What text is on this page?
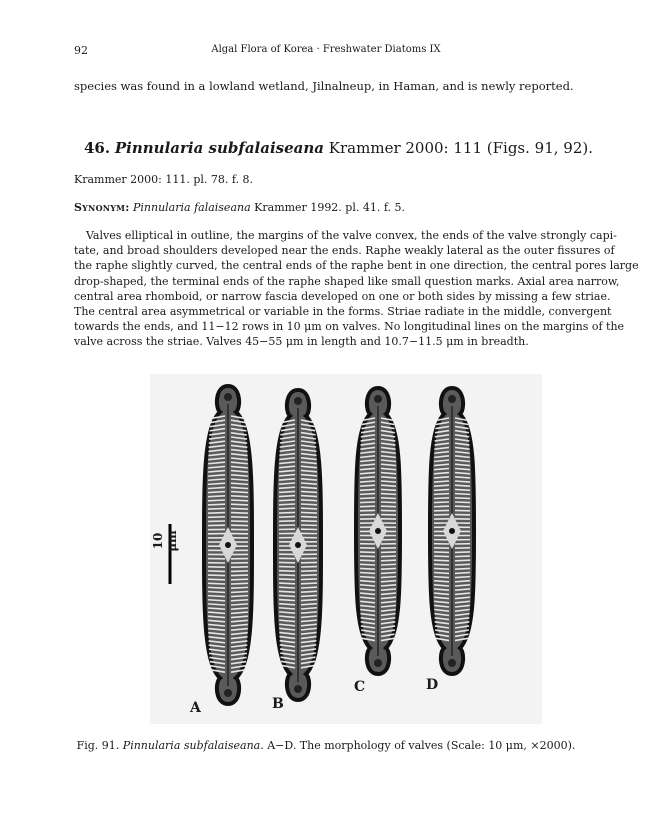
92	Algal Flora of Korea · Freshwater Diatoms IX

species was found in a lowland wetland, Jilnalneup, in Haman, and is newly reported.

46. Pinnularia subfalaiseana Krammer 2000: 111 (Figs. 91, 92).
Krammer 2000: 111. pl. 78. f. 8.
Synonym: Pinnularia falaiseana Krammer 1992. pl. 41. f. 5.
Valves elliptical in outline, the margins of the valve convex, the ends of the valve strongly capi-
tate, and broad shoulders developed near the ends. Raphe weakly lateral as the outer fissures of
the raphe slightly curved, the central ends of the raphe bent in one direction, the central pores large
drop-shaped, the terminal ends of the raphe shaped like small question marks. Axial area narrow,
central area rhomboid, or narrow fascia developed on one or both sides by missing a few striae.
The central area asymmetrical or variable in the forms. Striae radiate in the middle, convergent
towards the ends, and 11−12 rows in 10 μm on valves. No longitudinal lines on the margins of the
valve across the striae. Valves 45−55 μm in length and 10.7−11.5 μm in breadth.
10 μm
A	B
C	D
Fig. 91. Pinnularia subfalaiseana. A−D. The morphology of valves (Scale: 10 μm, ×2000).
